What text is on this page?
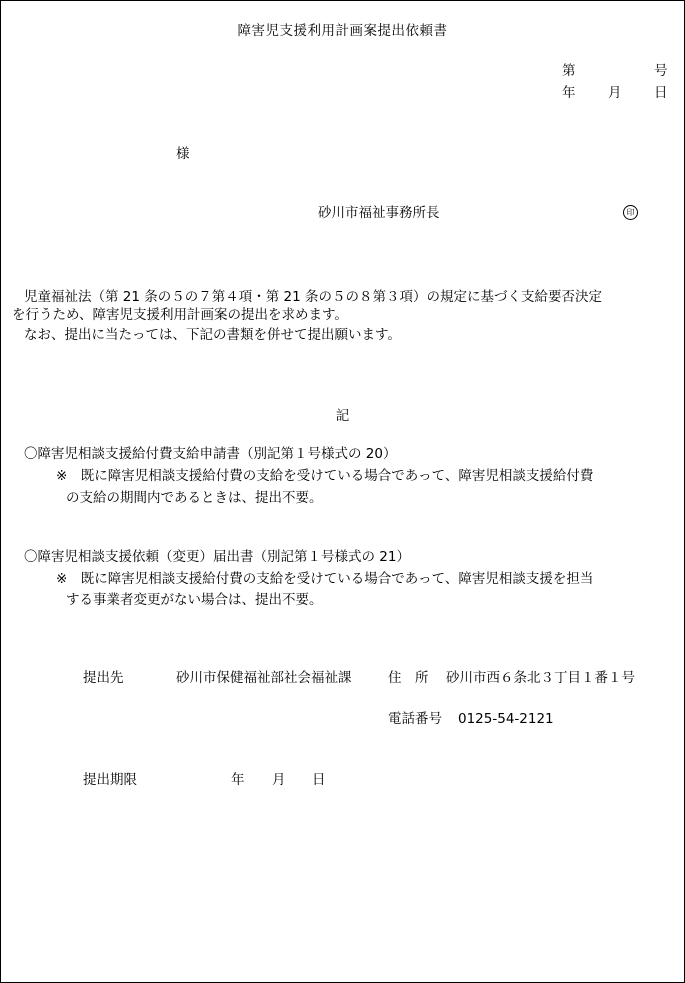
障害児支援利用計画案提出依頼書
第	号
年 月 日
様
砂川市福祉事務所長	印
児童福祉法（第 21 条の５の７第４項・第 21 条の５の８第３項）の規定に基づく支給要否決定
を行うため、障害児支援利用計画案の提出を求めます。
なお、提出に当たっては、下記の書類を併せて提出願います。
記
〇障害児相談支援給付費支給申請書（別記第１号様式の 20）
※　既に障害児相談支援給付費の支給を受けている場合であって、障害児相談支援給付費
の支給の期間内であるときは、提出不要。
〇障害児相談支援依頼（変更）届出書（別記第１号様式の 21）
※　既に障害児相談支援給付費の支給を受けている場合であって、障害児相談支援を担当
する事業者変更がない場合は、提出不要。
提出先	砂川市保健福祉部社会福祉課	住　所 砂川市西６条北３丁目１番１号
電話番号 0125-54-2121
提出期限	年 月 日
